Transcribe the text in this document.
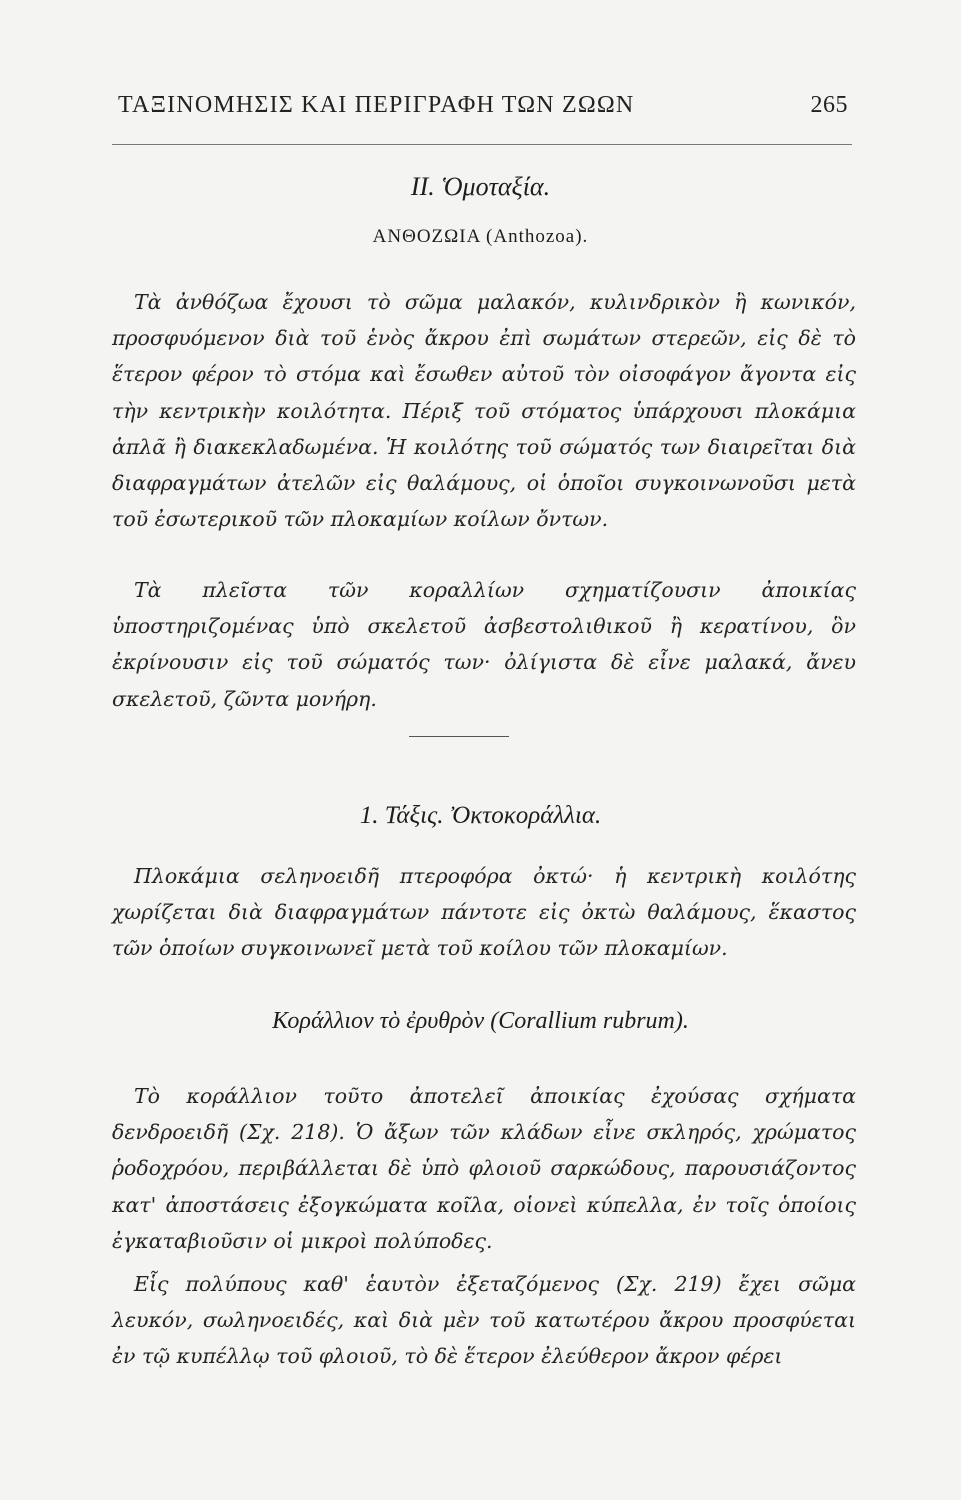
ΤΑΞΙΝΟΜΗΣΙΣ ΚΑΙ ΠΕΡΙΓΡΑΦΗ ΤΩΝ ΖΩΩΝ	265
II. Ὁμοταξία.
ΑΝΘΟΖΩΙΑ (Anthozoa).

Τὰ ἀνθόζωα ἔχουσι τὸ σῶμα μαλακόν, κυλινδρικὸν ἢ κωνικόν, προσφυόμενον διὰ τοῦ ἑνὸς ἄκρου ἐπὶ σωμάτων στερεῶν, εἰς δὲ τὸ ἕτερον φέρον τὸ στόμα καὶ ἔσωθεν αὐτοῦ τὸν οἰσοφάγον ἄγοντα εἰς τὴν κεντρικὴν κοιλότητα. Πέριξ τοῦ στόματος ὑπάρχουσι πλοκάμια ἁπλᾶ ἢ διακεκλαδωμένα. Ἡ κοιλότης τοῦ σώματός των διαιρεῖται διὰ διαφραγμάτων ἀτελῶν εἰς θαλάμους, οἱ ὁποῖοι συγκοινωνοῦσι μετὰ τοῦ ἐσωτερικοῦ τῶν πλοκαμίων κοίλων ὄντων.

Τὰ πλεῖστα τῶν κοραλλίων σχηματίζουσιν ἀποικίας ὑποστηριζομένας ὑπὸ σκελετοῦ ἀσβεστολιθικοῦ ἢ κερατίνου, ὃν ἐκρίνουσιν εἰς τοῦ σώματός των· ὀλίγιστα δὲ εἶνε μαλακά, ἄνευ σκελετοῦ, ζῶντα μονήρη.

1. Τάξις. Ὀκτοκοράλλια.

Πλοκάμια σεληνοειδῆ πτεροφόρα ὀκτώ· ἡ κεντρικὴ κοιλότης χωρίζεται διὰ διαφραγμάτων πάντοτε εἰς ὀκτὼ θαλάμους, ἕκαστος τῶν ὁποίων συγκοινωνεῖ μετὰ τοῦ κοίλου τῶν πλοκαμίων.

Κοράλλιον τὸ ἐρυθρὸν (Corallium rubrum).

Τὸ κοράλλιον τοῦτο ἀποτελεῖ ἀποικίας ἐχούσας σχήματα δενδροειδῆ (Σχ. 218). Ὁ ἄξων τῶν κλάδων εἶνε σκληρός, χρώματος ῥοδοχρόου, περιβάλλεται δὲ ὑπὸ φλοιοῦ σαρκώδους, παρουσιάζοντος κατ' ἀποστάσεις ἐξογκώματα κοῖλα, οἱονεὶ κύπελλα, ἐν τοῖς ὁποίοις ἐγκαταβιοῦσιν οἱ μικροὶ πολύποδες.

Εἷς πολύπους καθ' ἑαυτὸν ἐξεταζόμενος (Σχ. 219) ἔχει σῶμα λευκόν, σωληνοειδές, καὶ διὰ μὲν τοῦ κατωτέρου ἄκρου προσφύεται ἐν τῷ κυπέλλῳ τοῦ φλοιοῦ, τὸ δὲ ἕτερον ἐλεύθερον ἄκρον φέρει
